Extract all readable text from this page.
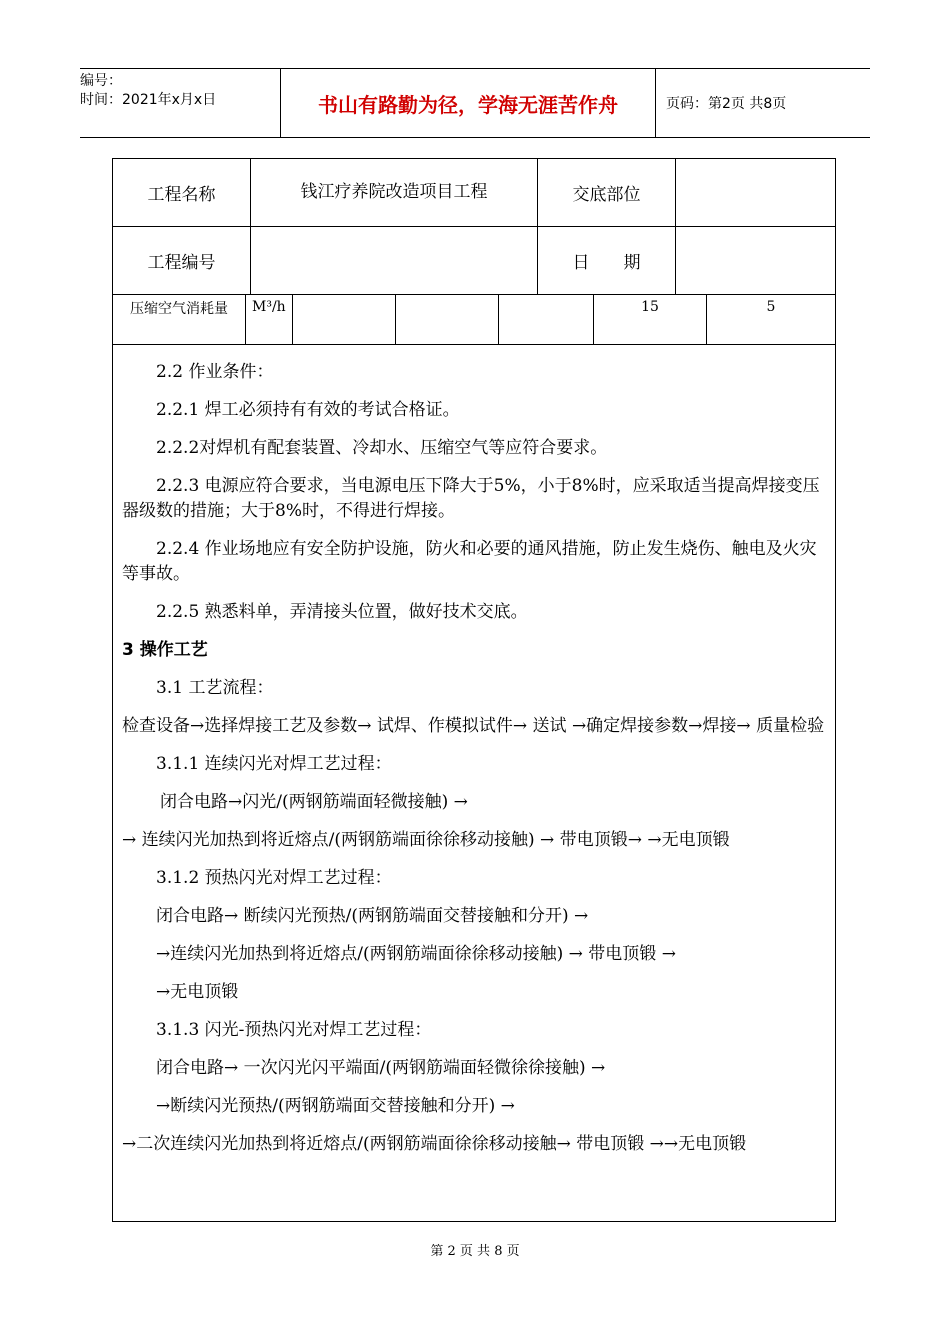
编号：
时间：2021年x月x日	书山有路勤为径，学海无涯苦作舟	页码：第2页 共8页
工程名称	钱江疗养院改造项目工程	交底部位	
工程编号		日　　期	
压缩空气消耗量	M³/h				15	5

2.2 作业条件：

2.2.1 焊工必须持有有效的考试合格证。

2.2.2对焊机有配套装置、冷却水、压缩空气等应符合要求。

2.2.3 电源应符合要求，当电源电压下降大于5%，小于8%时，应采取适当提高焊接变压器级数的措施；大于8%时，不得进行焊接。

2.2.4 作业场地应有安全防护设施，防火和必要的通风措施，防止发生烧伤、触电及火灾等事故。

2.2.5 熟悉料单，弄清接头位置，做好技术交底。

3 操作工艺

3.1 工艺流程：

检查设备→选择焊接工艺及参数→ 试焊、作模拟试件→ 送试 →确定焊接参数→焊接→ 质量检验

3.1.1 连续闪光对焊工艺过程：

闭合电路→闪光/(两钢筋端面轻微接触) →

→ 连续闪光加热到将近熔点/(两钢筋端面徐徐移动接触) → 带电顶锻→ →无电顶锻

3.1.2 预热闪光对焊工艺过程：

闭合电路→ 断续闪光预热/(两钢筋端面交替接触和分开) →

→连续闪光加热到将近熔点/(两钢筋端面徐徐移动接触) → 带电顶锻 →

→无电顶锻

3.1.3 闪光-预热闪光对焊工艺过程：

闭合电路→ 一次闪光闪平端面/(两钢筋端面轻微徐徐接触) →

→断续闪光预热/(两钢筋端面交替接触和分开) →

→二次连续闪光加热到将近熔点/(两钢筋端面徐徐移动接触→ 带电顶锻 →→无电顶锻

第 2 页 共 8 页
